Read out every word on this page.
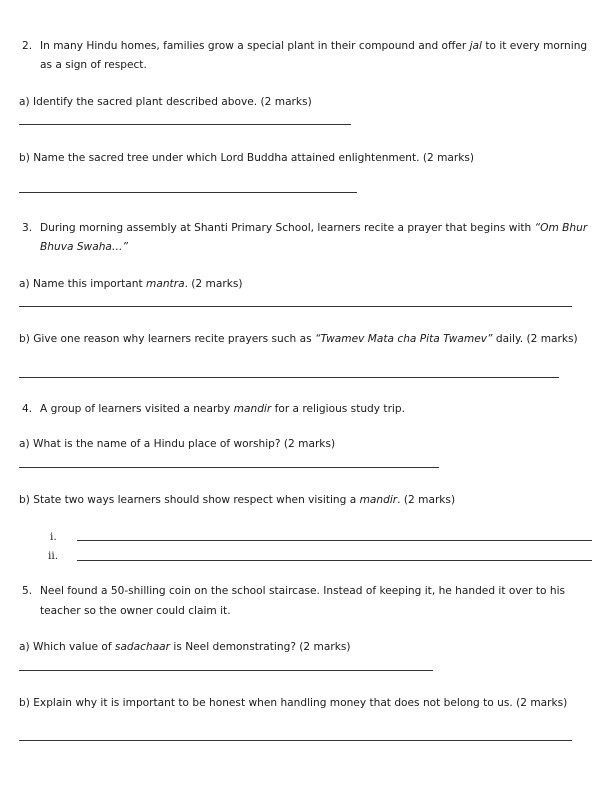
2. In many Hindu homes, families grow a special plant in their compound and offer jal to it every morning
as a sign of respect.
a) Identify the sacred plant described above. (2 marks)
b) Name the sacred tree under which Lord Buddha attained enlightenment. (2 marks)
3. During morning assembly at Shanti Primary School, learners recite a prayer that begins with “Om Bhur
Bhuva Swaha…”
a) Name this important mantra. (2 marks)
b) Give one reason why learners recite prayers such as “Twamev Mata cha Pita Twamev” daily. (2 marks)
4. A group of learners visited a nearby mandir for a religious study trip.
a) What is the name of a Hindu place of worship? (2 marks)
b) State two ways learners should show respect when visiting a mandir. (2 marks)
i.
ii.
5. Neel found a 50-shilling coin on the school staircase. Instead of keeping it, he handed it over to his
teacher so the owner could claim it.
a) Which value of sadachaar is Neel demonstrating? (2 marks)
b) Explain why it is important to be honest when handling money that does not belong to us. (2 marks)
